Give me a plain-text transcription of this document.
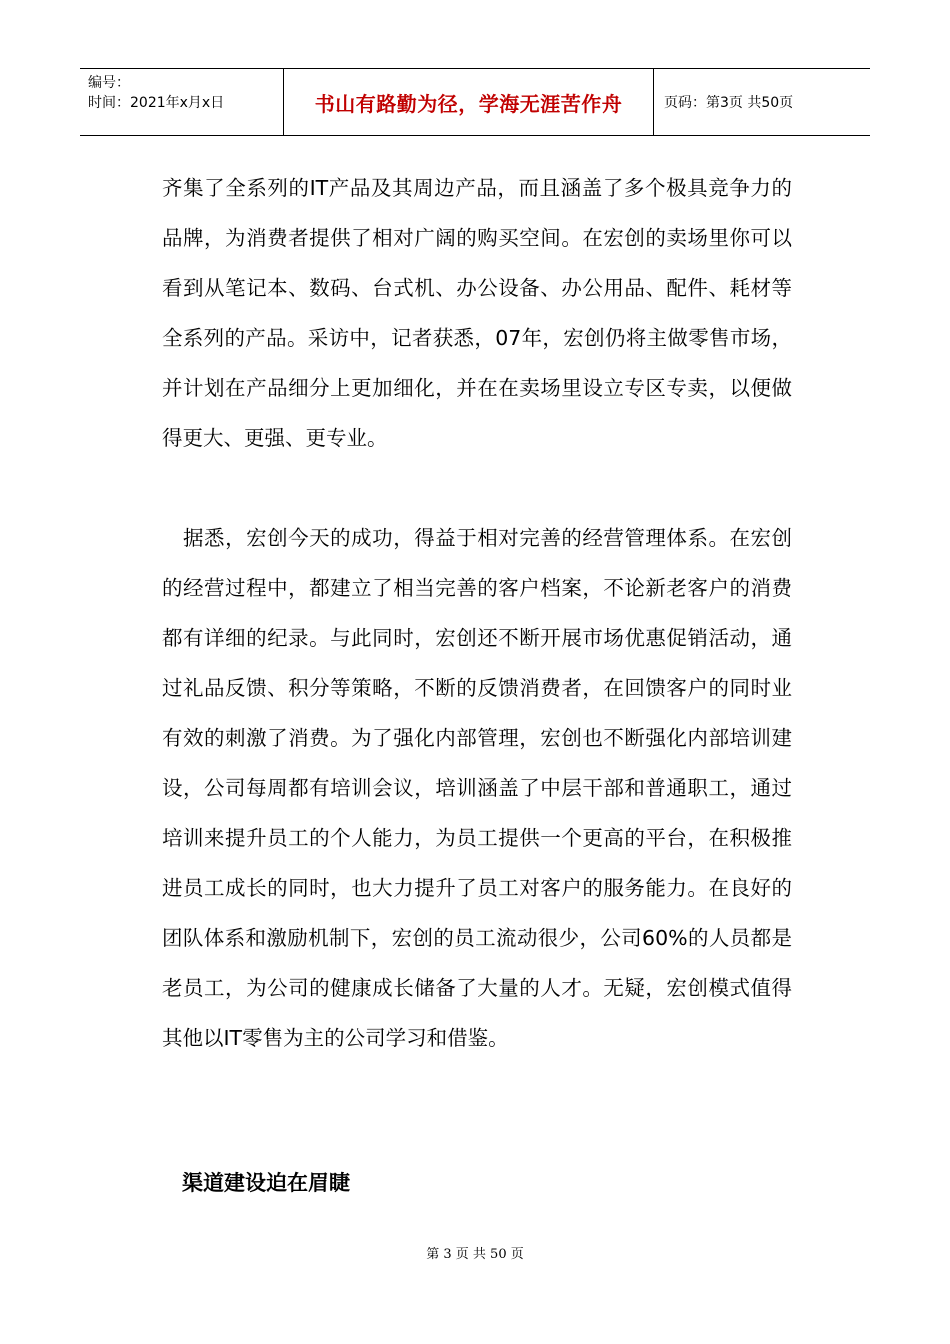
编号：
时间：2021年x月x日	书山有路勤为径，学海无涯苦作舟	页码：第3页 共50页

齐集了全系列的IT产品及其周边产品，而且涵盖了多个极具竞争力的品牌，为消费者提供了相对广阔的购买空间。在宏创的卖场里你可以看到从笔记本、数码、台式机、办公设备、办公用品、配件、耗材等全系列的产品。采访中，记者获悉，07年，宏创仍将主做零售市场，并计划在产品细分上更加细化，并在在卖场里设立专区专卖，以便做得更大、更强、更专业。

　据悉，宏创今天的成功，得益于相对完善的经营管理体系。在宏创的经营过程中，都建立了相当完善的客户档案，不论新老客户的消费都有详细的纪录。与此同时，宏创还不断开展市场优惠促销活动，通过礼品反馈、积分等策略，不断的反馈消费者，在回馈客户的同时业有效的刺激了消费。为了强化内部管理，宏创也不断强化内部培训建设，公司每周都有培训会议，培训涵盖了中层干部和普通职工，通过培训来提升员工的个人能力，为员工提供一个更高的平台，在积极推进员工成长的同时，也大力提升了员工对客户的服务能力。在良好的团队体系和激励机制下，宏创的员工流动很少，公司60%的人员都是老员工，为公司的健康成长储备了大量的人才。无疑，宏创模式值得其他以IT零售为主的公司学习和借鉴。

渠道建设迫在眉睫
第 3 页 共 50 页
